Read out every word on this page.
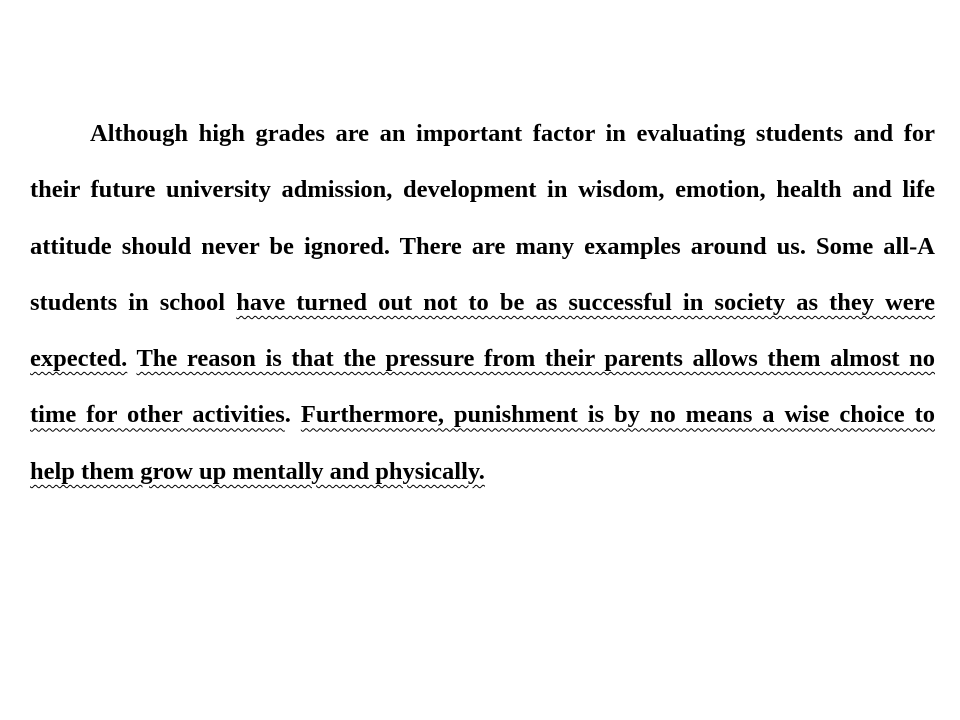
Although high grades are an important factor in evaluating students and for their future university admission, development in wisdom, emotion, health and life attitude should never be ignored. There are many examples around us. Some all-A students in school have turned out not to be as successful in society as they were expected. The reason is that the pressure from their parents allows them almost no time for other activities. Furthermore, punishment is by no means a wise choice to help them grow up mentally and physically.
